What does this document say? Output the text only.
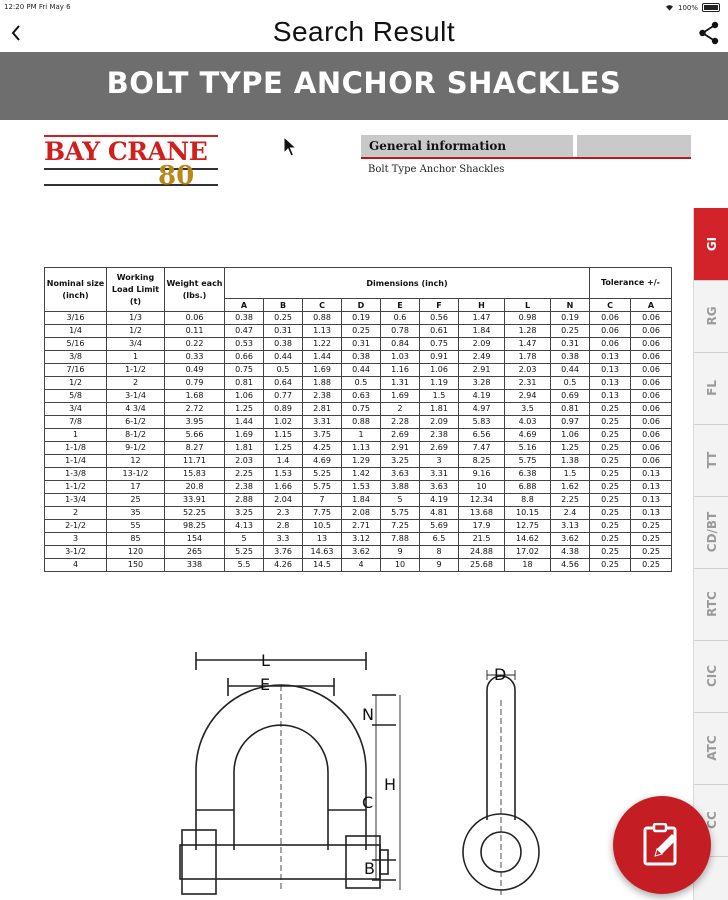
12:20 PM Fri May 6	100%
Search Result
BOLT TYPE ANCHOR SHACKLES
BAY CRANE
80
General information
Bolt Type Anchor Shackles
Nominal size (inch)	Working Load Limit (t)	Weight each (lbs.)	Dimensions (inch)									Tolerance +/-	
			A	B	C	D	E	F	H	L	N	C	A
3/16	1/3	0.06	0.38	0.25	0.88	0.19	0.6	0.56	1.47	0.98	0.19	0.06	0.06
1/4	1/2	0.11	0.47	0.31	1.13	0.25	0.78	0.61	1.84	1.28	0.25	0.06	0.06
5/16	3/4	0.22	0.53	0.38	1.22	0.31	0.84	0.75	2.09	1.47	0.31	0.06	0.06
3/8	1	0.33	0.66	0.44	1.44	0.38	1.03	0.91	2.49	1.78	0.38	0.13	0.06
7/16	1-1/2	0.49	0.75	0.5	1.69	0.44	1.16	1.06	2.91	2.03	0.44	0.13	0.06
1/2	2	0.79	0.81	0.64	1.88	0.5	1.31	1.19	3.28	2.31	0.5	0.13	0.06
5/8	3-1/4	1.68	1.06	0.77	2.38	0.63	1.69	1.5	4.19	2.94	0.69	0.13	0.06
3/4	4 3/4	2.72	1.25	0.89	2.81	0.75	2	1.81	4.97	3.5	0.81	0.25	0.06
7/8	6-1/2	3.95	1.44	1.02	3.31	0.88	2.28	2.09	5.83	4.03	0.97	0.25	0.06
1	8-1/2	5.66	1.69	1.15	3.75	1	2.69	2.38	6.56	4.69	1.06	0.25	0.06
1-1/8	9-1/2	8.27	1.81	1.25	4.25	1.13	2.91	2.69	7.47	5.16	1.25	0.25	0.06
1-1/4	12	11.71	2.03	1.4	4.69	1.29	3.25	3	8.25	5.75	1.38	0.25	0.06
1-3/8	13-1/2	15.83	2.25	1.53	5.25	1.42	3.63	3.31	9.16	6.38	1.5	0.25	0.13
1-1/2	17	20.8	2.38	1.66	5.75	1.53	3.88	3.63	10	6.88	1.62	0.25	0.13
1-3/4	25	33.91	2.88	2.04	7	1.84	5	4.19	12.34	8.8	2.25	0.25	0.13
2	35	52.25	3.25	2.3	7.75	2.08	5.75	4.81	13.68	10.15	2.4	0.25	0.13
2-1/2	55	98.25	4.13	2.8	10.5	2.71	7.25	5.69	17.9	12.75	3.13	0.25	0.25
3	85	154	5	3.3	13	3.12	7.88	6.5	21.5	14.62	3.62	0.25	0.25
3-1/2	120	265	5.25	3.76	14.63	3.62	9	8	24.88	17.02	4.38	0.25	0.25
4	150	338	5.5	4.26	14.5	4	10	9	25.68	18	4.56	0.25	0.25
L
E
N
C
H
B
D
GI
RG
FL
TT
CD/BT
RTC
CIC
ATC
CC
